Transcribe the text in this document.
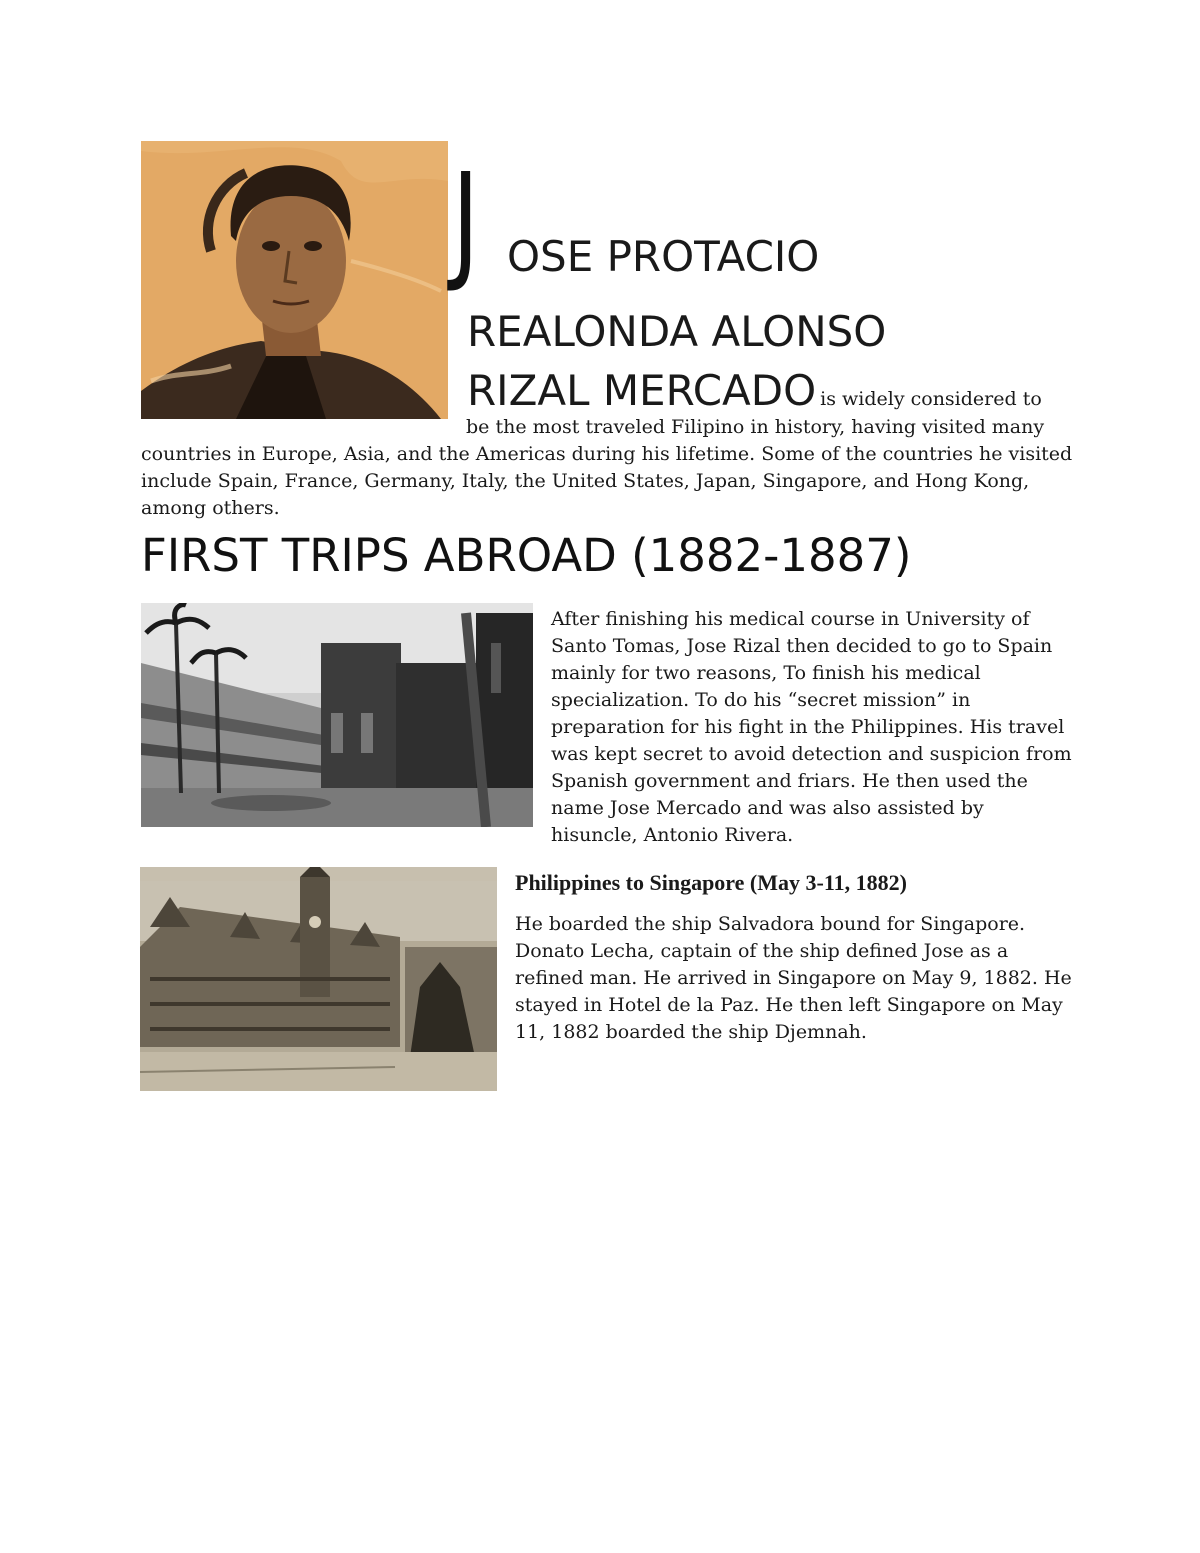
J OSE PROTACIO
REALONDA ALONSO
RIZAL MERCADO is widely considered to
be the most traveled Filipino in history, having visited many
countries in Europe, Asia, and the Americas during his lifetime. Some of the countries he visited
include Spain, France, Germany, Italy, the United States, Japan, Singapore, and Hong Kong,
among others.
FIRST TRIPS ABROAD (1882-1887)
After finishing his medical course in University of
Santo Tomas, Jose Rizal then decided to go to Spain
mainly for two reasons, To finish his medical
specialization. To do his “secret mission” in
preparation for his fight in the Philippines. His travel
was kept secret to avoid detection and suspicion from
Spanish government and friars. He then used the
name Jose Mercado and was also assisted by
hisuncle, Antonio Rivera.
Philippines to Singapore (May 3-11, 1882)
He boarded the ship Salvadora bound for Singapore.
Donato Lecha, captain of the ship defined Jose as a
refined man. He arrived in Singapore on May 9, 1882. He
stayed in Hotel de la Paz. He then left Singapore on May
11, 1882 boarded the ship Djemnah.
